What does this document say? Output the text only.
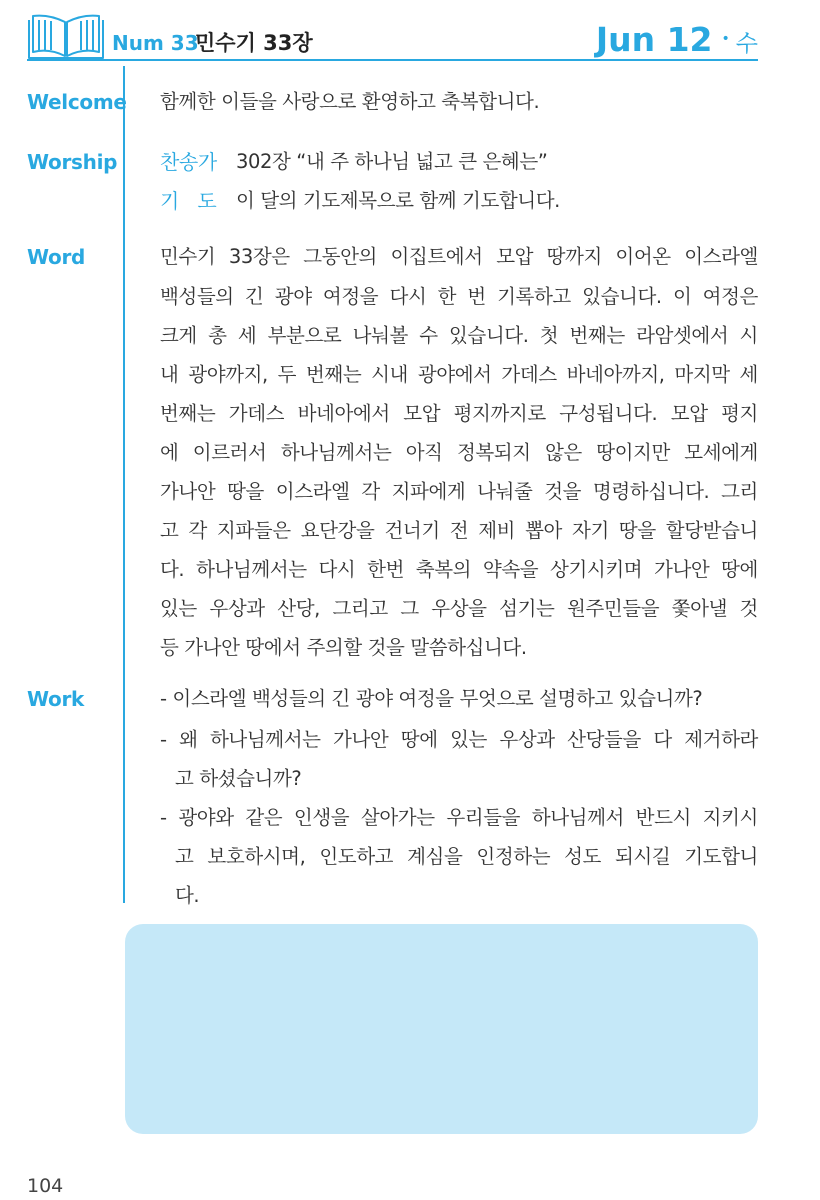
Num 33
민수기 33장	Jun 12 • 수
Welcome 함께한 이들을 사랑으로 환영하고 축복합니다.
Worship 찬송가 302장 “내 주 하나님 넓고 큰 은혜는”
기도 이 달의 기도제목으로 함께 기도합니다.
Word	민수기 33장은 그동안의 이집트에서 모압 땅까지 이어온 이스라엘
백성들의 긴 광야 여정을 다시 한 번 기록하고 있습니다. 이 여정은
크게 총 세 부분으로 나눠볼 수 있습니다. 첫 번째는 라암셋에서 시
내 광야까지, 두 번째는 시내 광야에서 가데스 바네아까지, 마지막 세
번째는 가데스 바네아에서 모압 평지까지로 구성됩니다. 모압 평지
에 이르러서 하나님께서는 아직 정복되지 않은 땅이지만 모세에게
가나안 땅을 이스라엘 각 지파에게 나눠줄 것을 명령하십니다. 그리
고 각 지파들은 요단강을 건너기 전 제비 뽑아 자기 땅을 할당받습니
다. 하나님께서는 다시 한번 축복의 약속을 상기시키며 가나안 땅에
있는 우상과 산당, 그리고 그 우상을 섬기는 원주민들을 쫓아낼 것
등 가나안 땅에서 주의할 것을 말씀하십니다.
Work	- 이스라엘 백성들의 긴 광야 여정을 무엇으로 설명하고 있습니까?
- 왜 하나님께서는 가나안 땅에 있는 우상과 산당들을 다 제거하라
고 하셨습니까?
- 광야와 같은 인생을 살아가는 우리들을 하나님께서 반드시 지키시
고 보호하시며, 인도하고 계심을 인정하는 성도 되시길 기도합니
다.
104
